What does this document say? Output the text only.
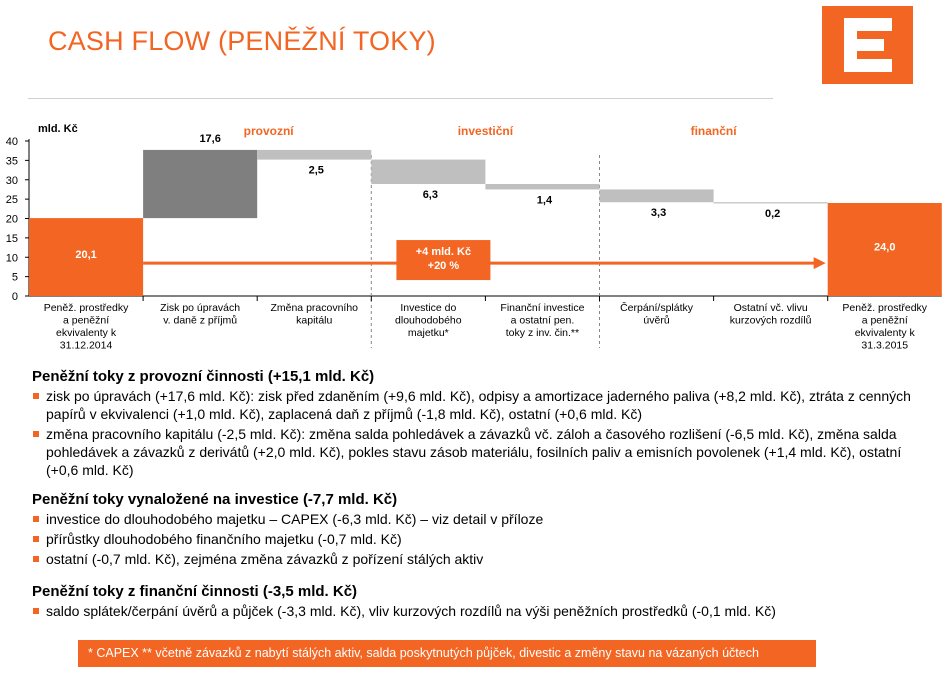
CASH FLOW (PENĚŽNÍ TOKY)
mld. Kč
0
5
10
15
20
25
30
35
40
provozní	investiční	finanční
20,1
Peněž. prostředky a peněžní ekvivalenty k 31.12.2014
17,6
Zisk po úpravách v. daně z příjmů
2,5
Změna pracovního kapitálu
6,3
Investice do dlouhodobého majetku*
1,4
Finanční investice a ostatní pen. toky z inv. čin.**
3,3
Čerpání/splátky úvěrů
0,2
Ostatní vč. vlivu kurzových rozdílů
24,0
Peněž. prostředky a peněžní ekvivalenty k 31.3.2015
+4 mld. Kč
+20 %
Peněžní toky z provozní činnosti (+15,1 mld. Kč)
zisk po úpravách (+17,6 mld. Kč): zisk před zdaněním (+9,6 mld. Kč), odpisy a amortizace jaderného paliva (+8,2 mld. Kč), ztráta z cenných papírů v ekvivalenci (+1,0 mld. Kč), zaplacená daň z příjmů (-1,8 mld. Kč), ostatní (+0,6 mld. Kč)
změna pracovního kapitálu (-2,5 mld. Kč): změna salda pohledávek a závazků vč. záloh a časového rozlišení (-6,5 mld. Kč), změna salda pohledávek a závazků z derivátů (+2,0 mld. Kč), pokles stavu zásob materiálu, fosilních paliv a emisních povolenek (+1,4 mld. Kč), ostatní (+0,6 mld. Kč)
Peněžní toky vynaložené na investice (-7,7 mld. Kč)
investice do dlouhodobého majetku – CAPEX (-6,3 mld. Kč) – viz detail v příloze
přírůstky dlouhodobého finančního majetku (-0,7 mld. Kč)
ostatní (-0,7 mld. Kč), zejména změna závazků z pořízení stálých aktiv
Peněžní toky z finanční činnosti (-3,5 mld. Kč)
saldo splátek/čerpání úvěrů a půjček (-3,3 mld. Kč), vliv kurzových rozdílů na výši peněžních prostředků (-0,1 mld. Kč)
* CAPEX ** včetně závazků z nabytí stálých aktiv, salda poskytnutých půjček, divestic a změny stavu na vázaných účtech
